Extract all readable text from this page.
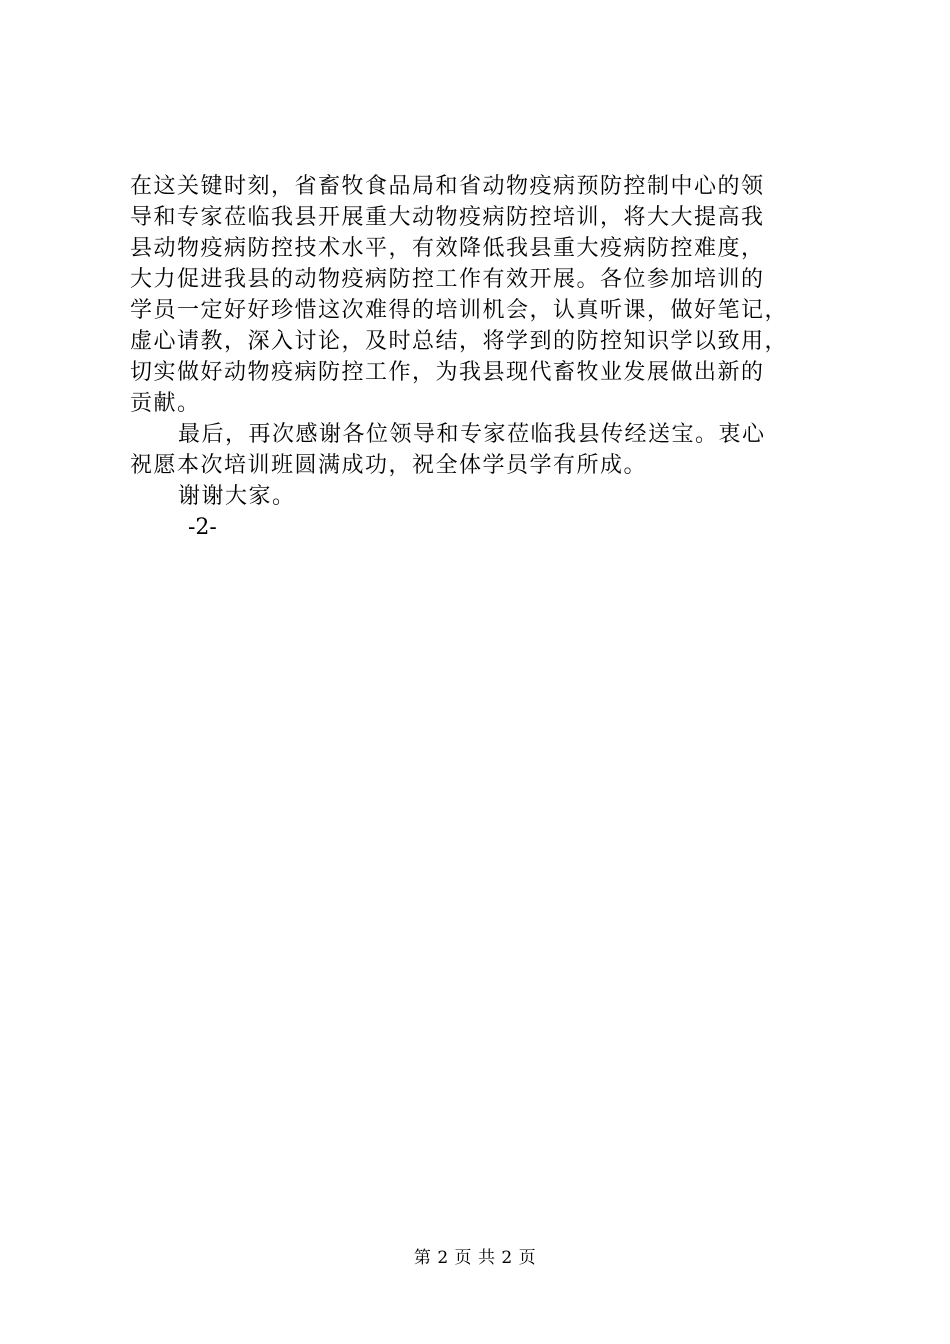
在这关键时刻，省畜牧食品局和省动物疫病预防控制中心的领
导和专家莅临我县开展重大动物疫病防控培训，将大大提高我
县动物疫病防控技术水平，有效降低我县重大疫病防控难度，
大力促进我县的动物疫病防控工作有效开展。各位参加培训的
学员一定好好珍惜这次难得的培训机会，认真听课，做好笔记，
虚心请教，深入讨论，及时总结，将学到的防控知识学以致用，
切实做好动物疫病防控工作，为我县现代畜牧业发展做出新的
贡献。
最后，再次感谢各位领导和专家莅临我县传经送宝。衷心
祝愿本次培训班圆满成功，祝全体学员学有所成。
谢谢大家。
-2-
第 2 页 共 2 页
